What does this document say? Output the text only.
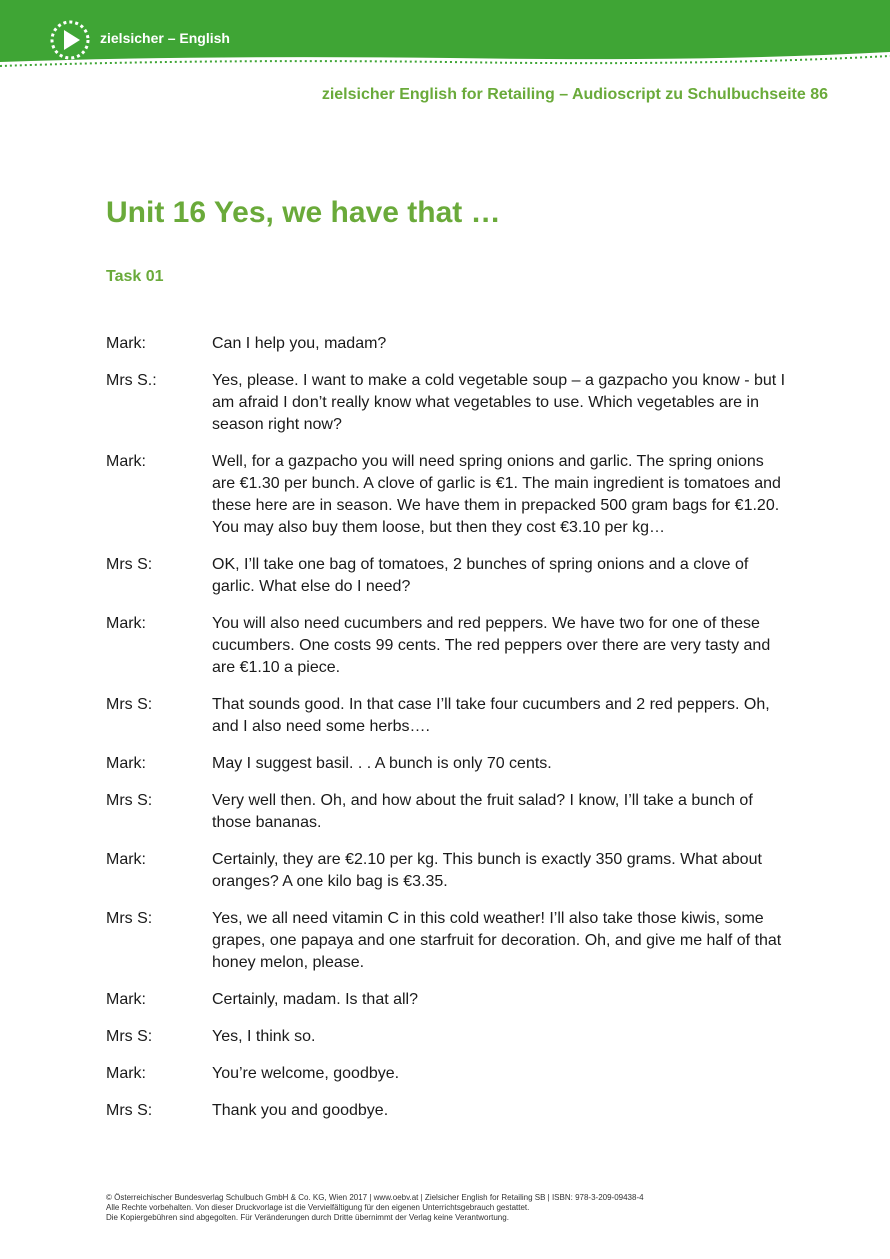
zielsicher – English
zielsicher English for Retailing – Audioscript zu Schulbuchseite 86
Unit 16 Yes, we have that …
Task 01
Mark:	Can I help you, madam?
Mrs S.:	Yes, please. I want to make a cold vegetable soup – a gazpacho you know - but I am afraid I don’t really know what vegetables to use. Which vegetables are in season right now?
Mark:	Well, for a gazpacho you will need spring onions and garlic. The spring onions are €1.30 per bunch. A clove of garlic is €1. The main ingredient is tomatoes and these here are in season. We have them in prepacked 500 gram bags for €1.20. You may also buy them loose, but then they cost €3.10 per kg…
Mrs S:	OK, I’ll take one bag of tomatoes, 2 bunches of spring onions and a clove of garlic. What else do I need?
Mark:	You will also need cucumbers and red peppers. We have two for one of these cucumbers. One costs 99 cents. The red peppers over there are very tasty and are €1.10 a piece.
Mrs S:	That sounds good. In that case I’ll take four cucumbers and 2 red peppers. Oh, and I also need some herbs….
Mark:	May I suggest basil. . . A bunch is only 70 cents.
Mrs S:	Very well then. Oh, and how about the fruit salad? I know, I’ll take a bunch of those bananas.
Mark:	Certainly, they are €2.10 per kg. This bunch is exactly 350 grams. What about oranges? A one kilo bag is €3.35.
Mrs S:	Yes, we all need vitamin C in this cold weather! I’ll also take those kiwis, some grapes, one papaya and one starfruit for decoration. Oh, and give me half of that honey melon, please.
Mark:	Certainly, madam. Is that all?
Mrs S:	Yes, I think so.
Mark:	You’re welcome, goodbye.
Mrs S:	Thank you and goodbye.
© Österreichischer Bundesverlag Schulbuch GmbH & Co. KG, Wien 2017 | www.oebv.at | Zielsicher English for Retailing SB | ISBN: 978-3-209-09438-4
Alle Rechte vorbehalten. Von dieser Druckvorlage ist die Vervielfältigung für den eigenen Unterrichtsgebrauch gestattet.
Die Kopiergebühren sind abgegolten. Für Veränderungen durch Dritte übernimmt der Verlag keine Verantwortung.
